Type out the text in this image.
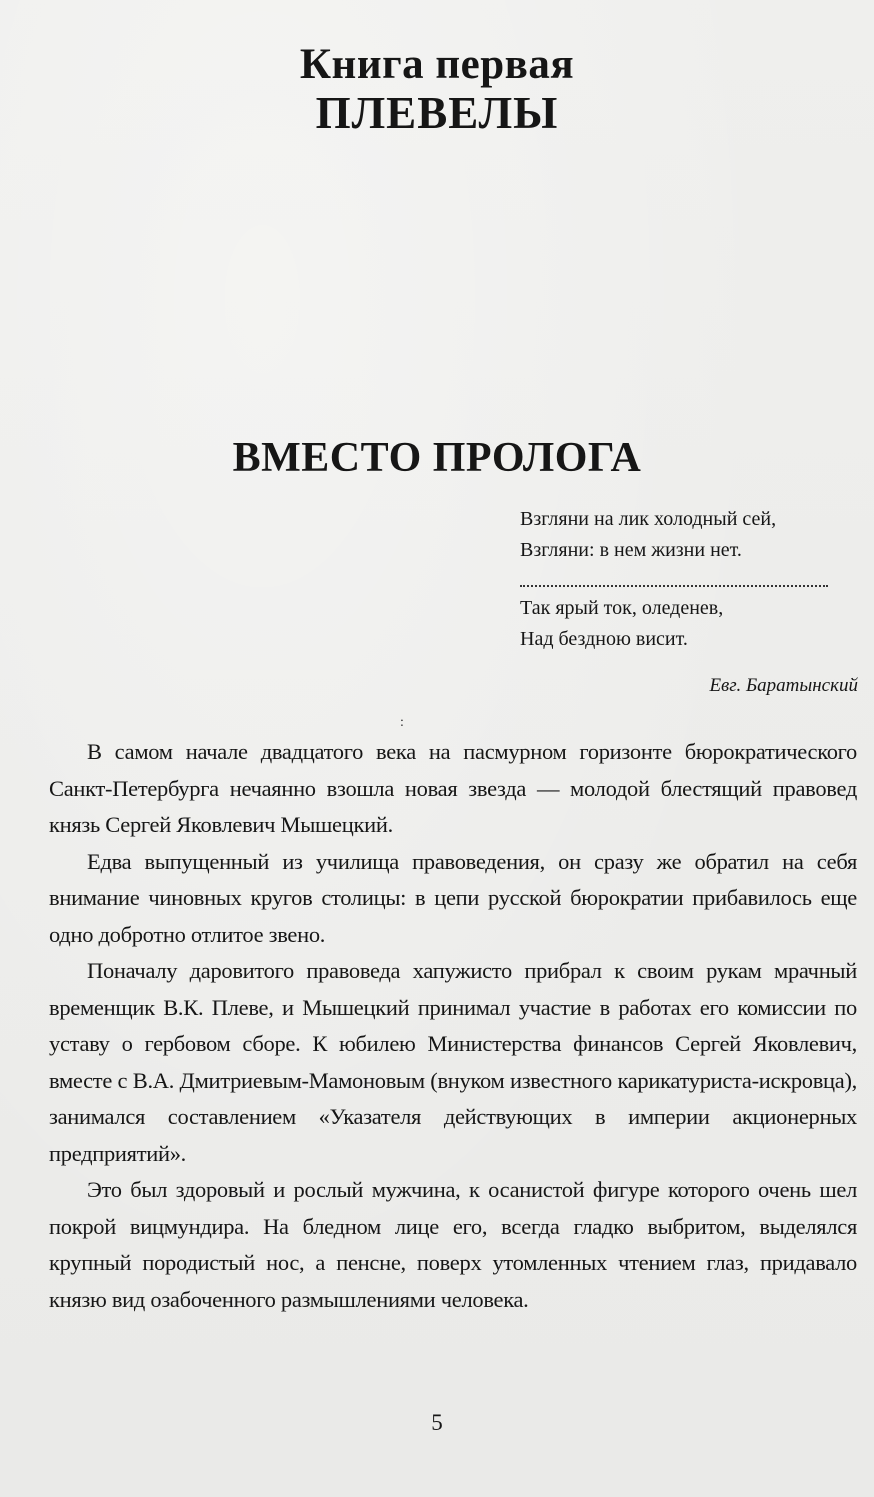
Книга первая
ПЛЕВЕЛЫ
ВМЕСТО ПРОЛОГА
Взгляни на лик холодный сей,
Взгляни: в нем жизни нет.
Так ярый ток, оледенев,
Над бездною висит.
Евг. Баратынский
:

В самом начале двадцатого века на пасмурном горизонте бюрократического Санкт-Петербурга нечаянно взошла новая звезда — молодой блестящий правовед князь Сергей Яковлевич Мышецкий.

Едва выпущенный из училища правоведения, он сразу же обратил на себя внимание чиновных кругов столицы: в цепи русской бюрократии прибавилось еще одно добротно отлитое звено.

Поначалу даровитого правоведа хапужисто прибрал к своим рукам мрачный временщик В.К. Плеве, и Мышецкий принимал участие в работах его комиссии по уставу о гербовом сборе. К юбилею Министерства финансов Сергей Яковлевич, вместе с В.А. Дмитриевым-Мамоновым (внуком известного карикатуриста-искровца), занимался составлением «Указателя действующих в империи акционерных предприятий».

Это был здоровый и рослый мужчина, к осанистой фигуре которого очень шел покрой вицмундира. На бледном лице его, всегда гладко выбритом, выделялся крупный породистый нос, а пенсне, поверх утомленных чтением глаз, придавало князю вид озабоченного размышлениями человека.

5
